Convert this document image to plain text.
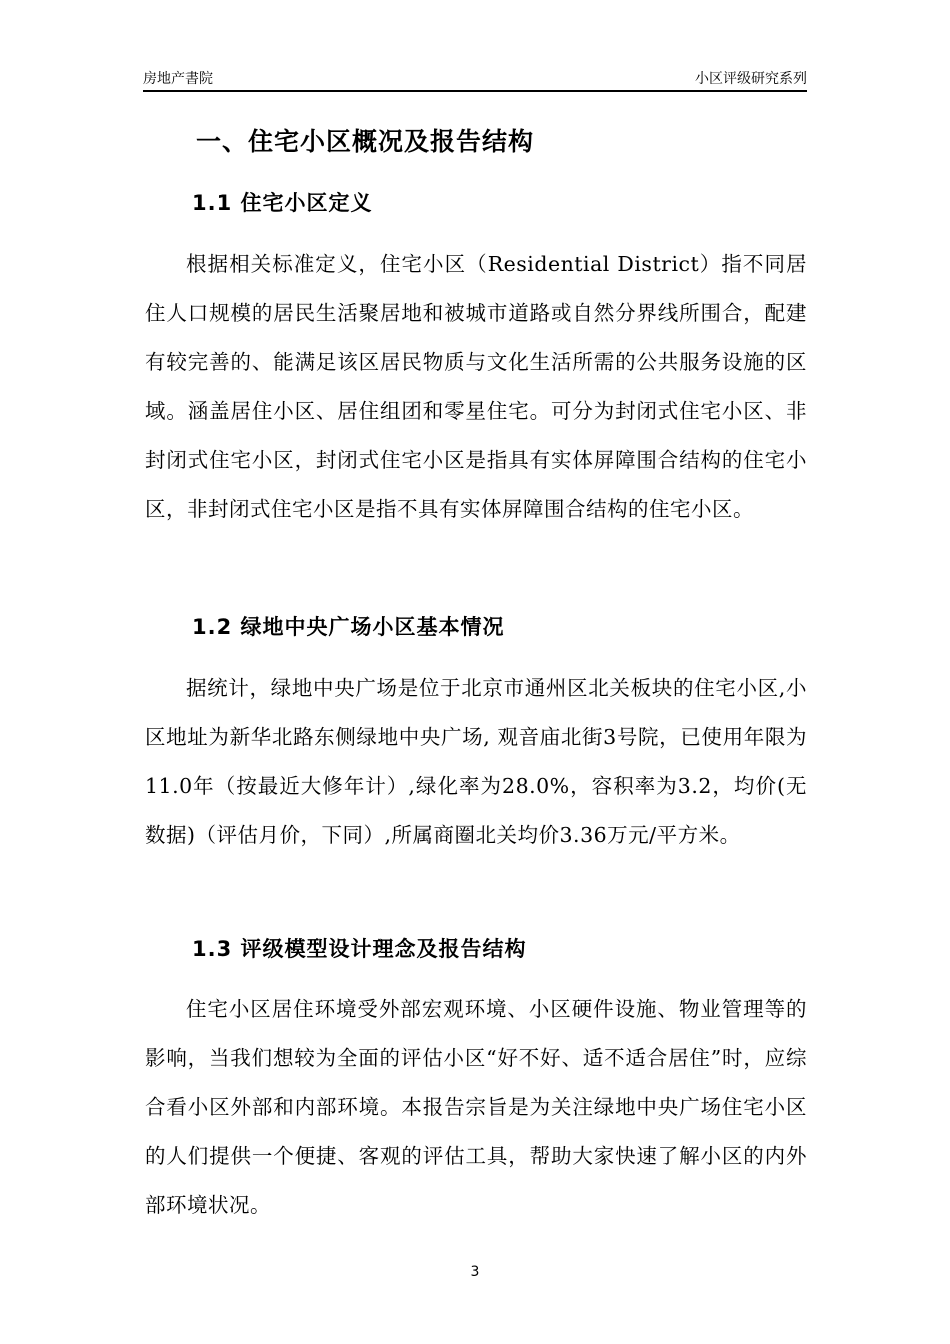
房地产書院	小区评级研究系列
一、住宅小区概况及报告结构
1.1 住宅小区定义
根据相关标准定义，住宅小区（Residential District）指不同居住人口规模的居民生活聚居地和被城市道路或自然分界线所围合，配建有较完善的、能满足该区居民物质与文化生活所需的公共服务设施的区域。涵盖居住小区、居住组团和零星住宅。可分为封闭式住宅小区、非封闭式住宅小区，封闭式住宅小区是指具有实体屏障围合结构的住宅小区，非封闭式住宅小区是指不具有实体屏障围合结构的住宅小区。
1.2 绿地中央广场小区基本情况
据统计，绿地中央广场是位于北京市通州区北关板块的住宅小区,小区地址为新华北路东侧绿地中央广场, 观音庙北街3号院，已使用年限为11.0年（按最近大修年计）,绿化率为28.0%，容积率为3.2，均价(无数据)（评估月价，下同）,所属商圈北关均价3.36万元/平方米。
1.3 评级模型设计理念及报告结构
住宅小区居住环境受外部宏观环境、小区硬件设施、物业管理等的影响，当我们想较为全面的评估小区“好不好、适不适合居住”时，应综合看小区外部和内部环境。本报告宗旨是为关注绿地中央广场住宅小区的人们提供一个便捷、客观的评估工具，帮助大家快速了解小区的内外部环境状况。
3
